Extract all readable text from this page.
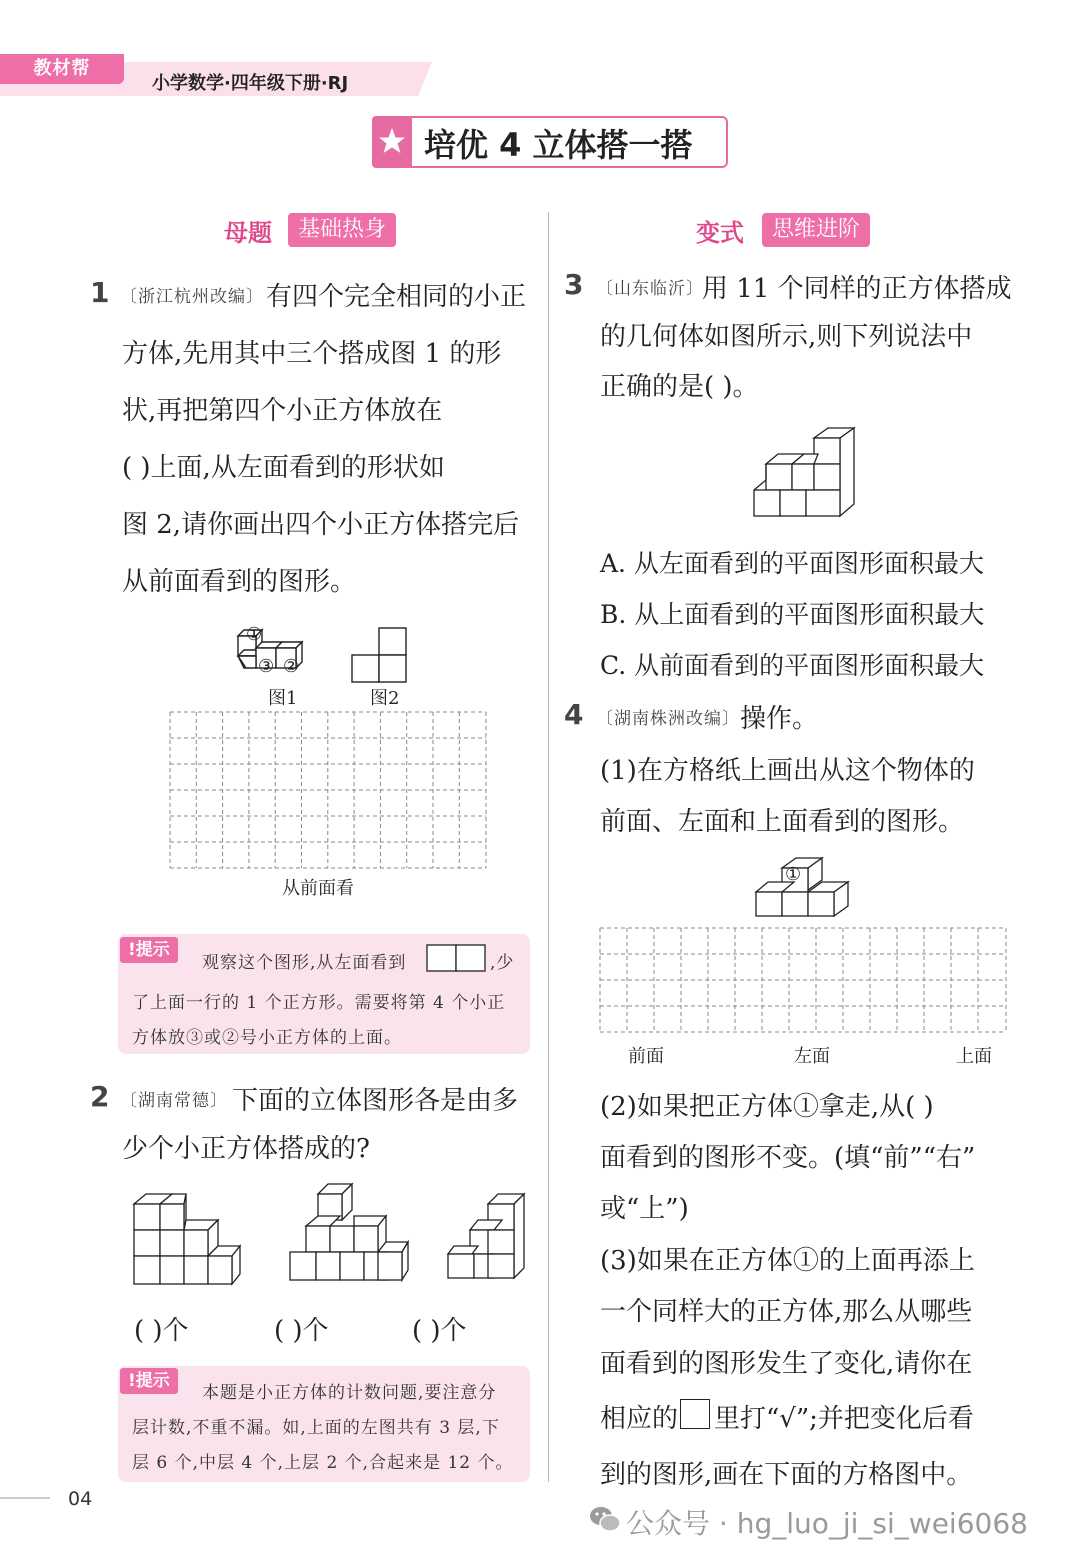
教材帮
小学数学·四年级下册·RJ
培优 4 立体搭一搭
母题	基础热身	变式	思维进阶
1 〔浙江杭州改编〕 有四个完全相同的小正
方体,先用其中三个搭成图 1 的形
状,再把第四个小正方体放在
( )上面,从左面看到的形状如
图 2,请你画出四个小正方体搭完后
从前面看到的图形。
①
③ ②
图1	图2
从前面看
!提示
观察这个图形,从左面看到	,少
了上面一行的 1 个正方形。需要将第 4 个小正
方体放③或②号小正方体的上面。
2 〔湖南常德〕 下面的立体图形各是由多
少个小正方体搭成的?
( )个	( )个	( )个
!提示
本题是小正方体的计数问题,要注意分
层计数,不重不漏。如,上面的左图共有 3 层,下
层 6 个,中层 4 个,上层 2 个,合起来是 12 个。
3 〔山东临沂〕
用 11 个同样的正方体搭成
的几何体如图所示,则下列说法中
正确的是( )。
A. 从左面看到的平面图形面积最大
B. 从上面看到的平面图形面积最大
C. 从前面看到的平面图形面积最大
4 〔湖南株洲改编〕 操作。
(1)在方格纸上画出从这个物体的
前面、左面和上面看到的图形。
①
前面	左面	上面
(2)如果把正方体①拿走,从( )
面看到的图形不变。(填“前”“右”
或“上”)
(3)如果在正方体①的上面再添上
一个同样大的正方体,那么从哪些
面看到的图形发生了变化,请你在
相应的 里打“√”;并把变化后看
到的图形,画在下面的方格图中。
04
公众号 · hg_luo_ji_si_wei6068
